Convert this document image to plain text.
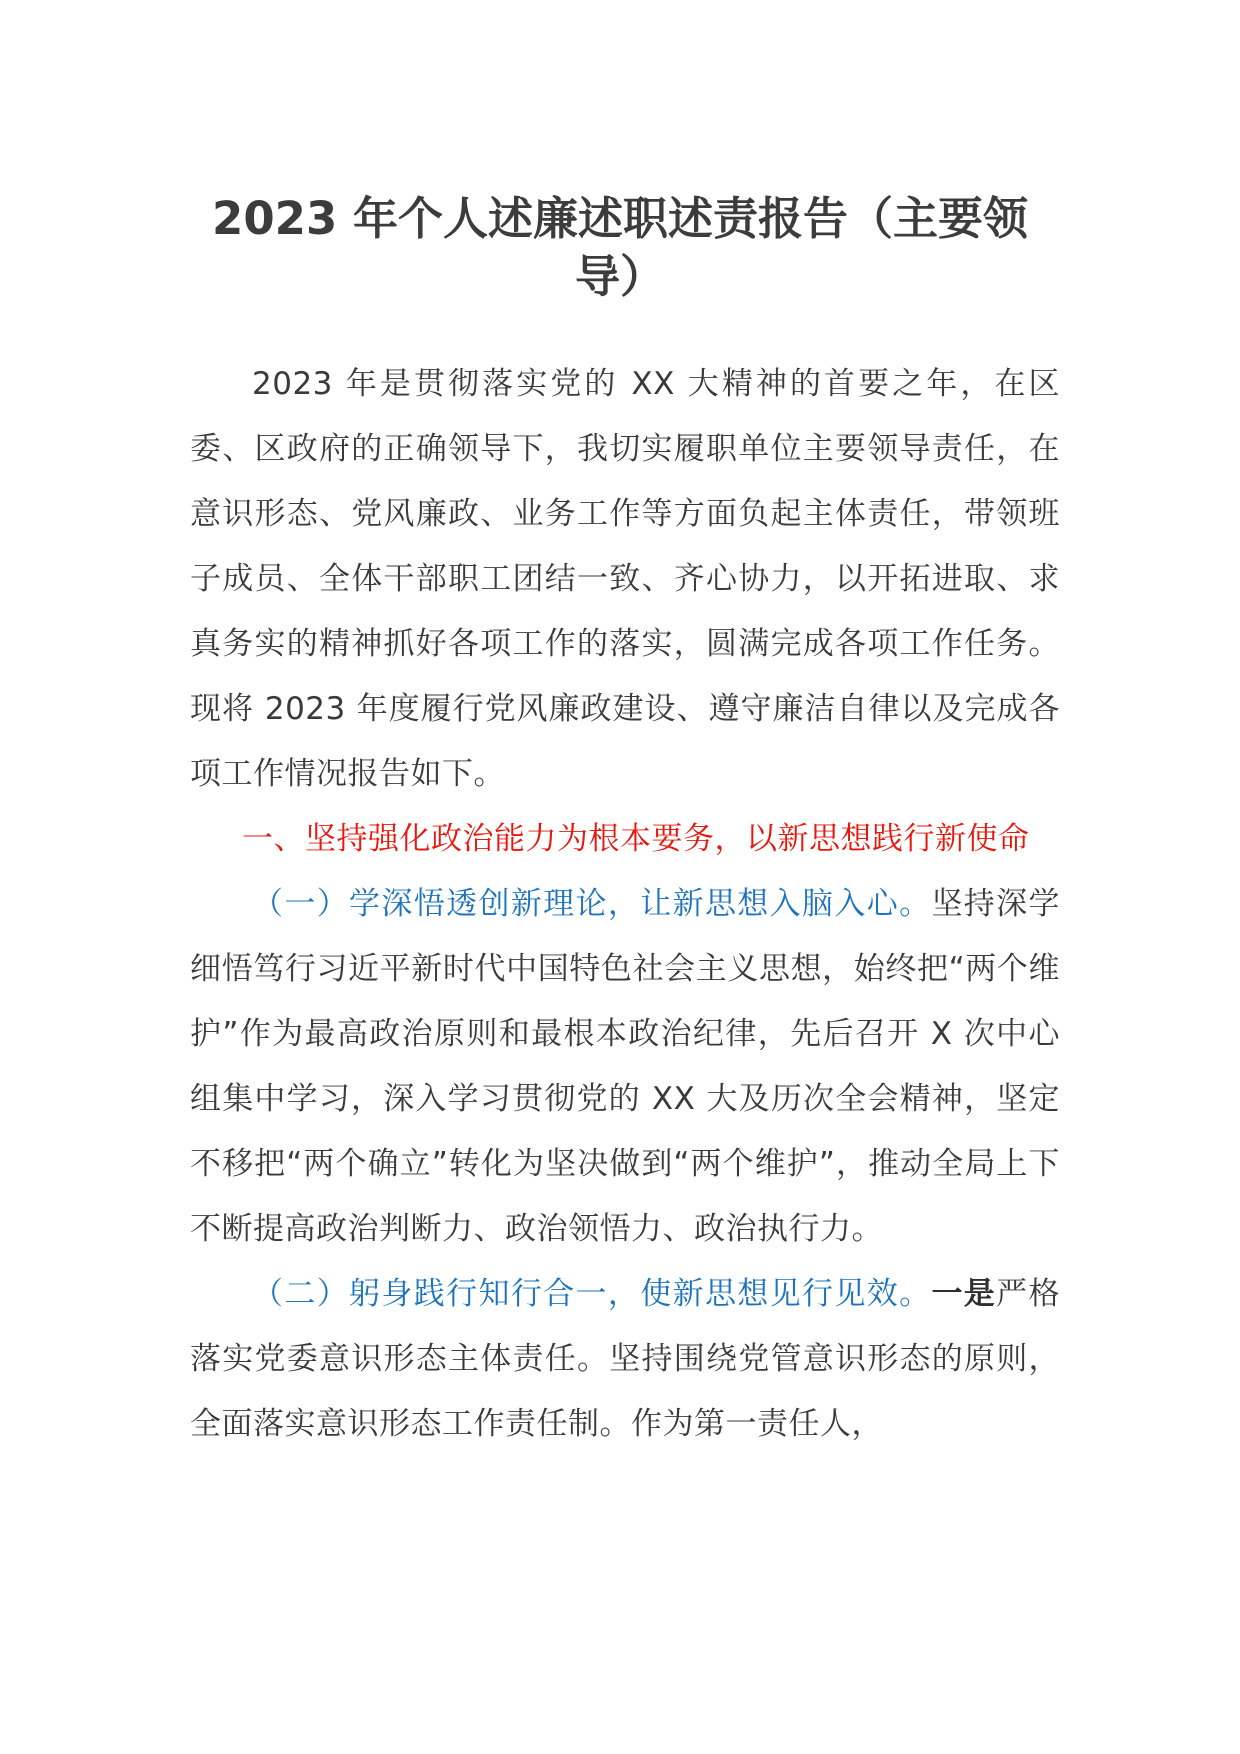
2023 年个人述廉述职述责报告（主要领导）

2023 年是贯彻落实党的 XX 大精神的首要之年，在区委、区政府的正确领导下，我切实履职单位主要领导责任，在意识形态、党风廉政、业务工作等方面负起主体责任，带领班子成员、全体干部职工团结一致、齐心协力，以开拓进取、求真务实的精神抓好各项工作的落实，圆满完成各项工作任务。现将 2023 年度履行党风廉政建设、遵守廉洁自律以及完成各项工作情况报告如下。

一、坚持强化政治能力为根本要务，以新思想践行新使命

（一）学深悟透创新理论，让新思想入脑入心。坚持深学细悟笃行习近平新时代中国特色社会主义思想，始终把“两个维护”作为最高政治原则和最根本政治纪律，先后召开 X 次中心组集中学习，深入学习贯彻党的 XX 大及历次全会精神，坚定不移把“两个确立”转化为坚决做到“两个维护”，推动全局上下不断提高政治判断力、政治领悟力、政治执行力。

（二）躬身践行知行合一，使新思想见行见效。一是严格落实党委意识形态主体责任。坚持围绕党管意识形态的原则，全面落实意识形态工作责任制。作为第一责任人，
